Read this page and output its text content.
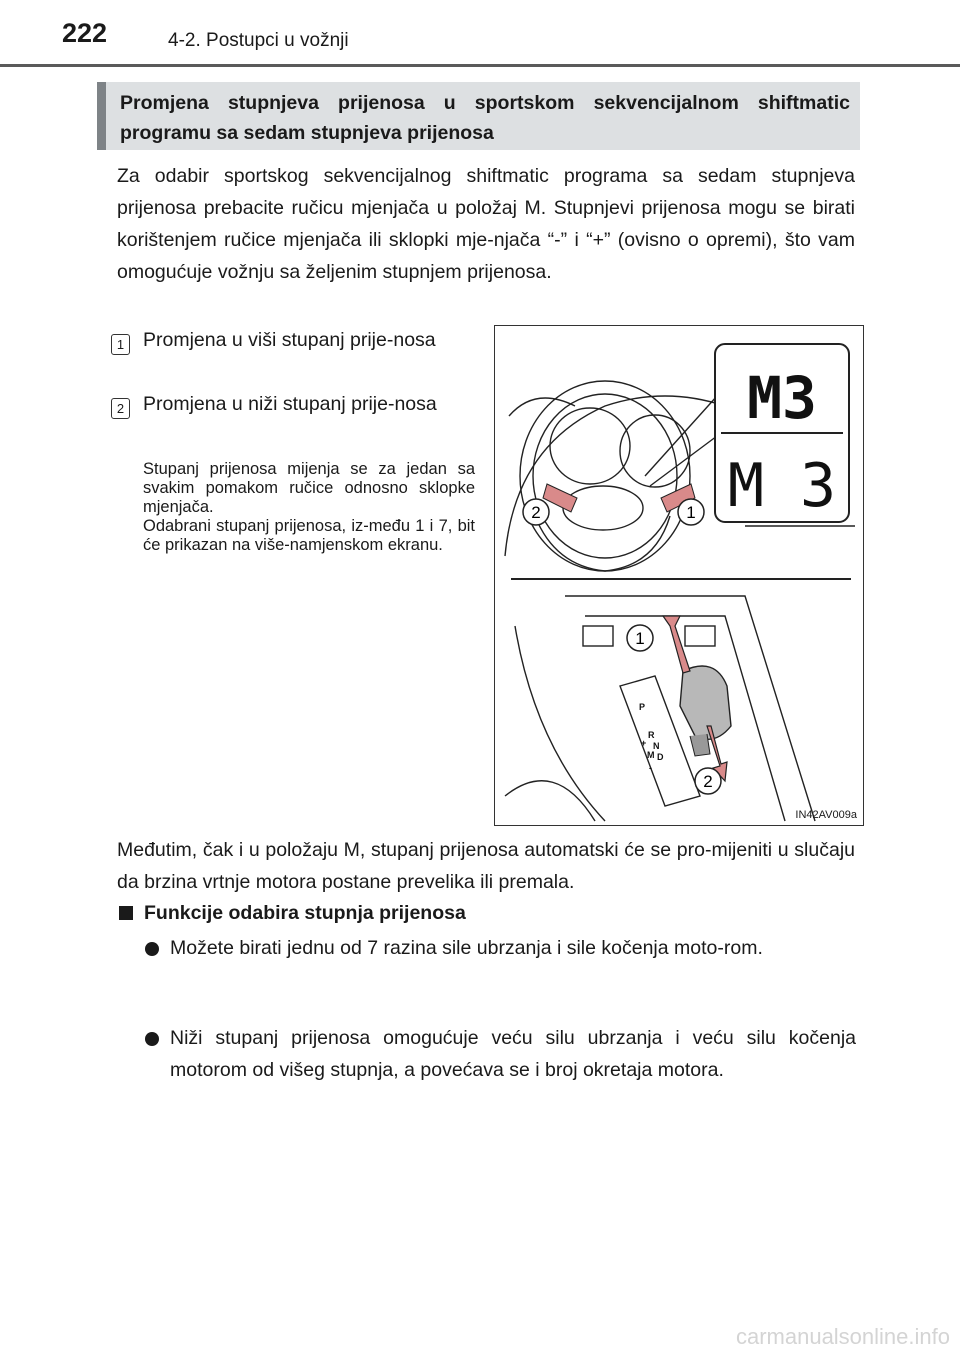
222	4-2. Postupci u vožnji
Promjena stupnjeva prijenosa u sportskom sekvencijalnom shiftmatic programu sa sedam stupnjeva prijenosa
Za odabir sportskog sekvencijalnog shiftmatic programa sa sedam stupnjeva prijenosa prebacite ručicu mjenjača u položaj M. Stupnjevi prijenosa mogu se birati korištenjem ručice mjenjača ili sklopki mje-njača “-” i “+” (ovisno o opremi), što vam omogućuje vožnju sa željenim stupnjem prijenosa.
1 Promjena u viši stupanj prije-nosa
2 Promjena u niži stupanj prije-nosa
Stupanj prijenosa mijenja se za jedan sa svakim pomakom ručice odnosno sklopke mjenjača.
Odabrani stupanj prijenosa, iz-među 1 i 7, bit će prikazan na više-namjenskom ekranu.
M3
M 3
2	1
P
R
N
D
M
+
-
1
2
IN42AV009a
Međutim, čak i u položaju M, stupanj prijenosa automatski će se pro-mijeniti u slučaju da brzina vrtnje motora postane prevelika ili premala.
Funkcije odabira stupnja prijenosa
Možete birati jednu od 7 razina sile ubrzanja i sile kočenja moto-rom.
Niži stupanj prijenosa omogućuje veću silu ubrzanja i veću silu kočenja motorom od višeg stupnja, a povećava se i broj okretaja motora.
carmanualsonline.info
